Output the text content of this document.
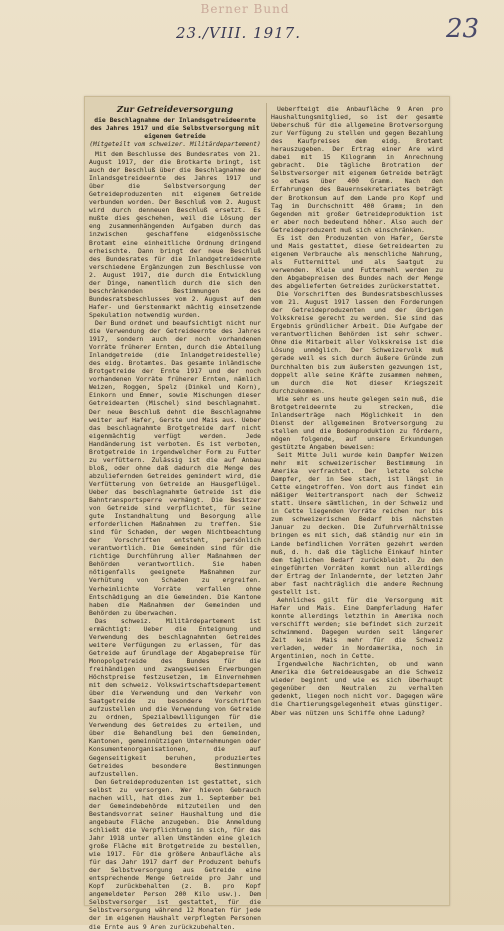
Berner Bund
23./VIII. 1917.	23
Zur Getreideversorgung
die Beschlagnahme der Inlandsgetreideernte des Jahres 1917 und die Selbstversorgung mit eigenem Getreide
(Mitgeteilt vom schweizer. Militärdepartement)

Mit dem Beschlusse des Bundesrates vom 21. August 1917, der die Brotkarte bringt, ist auch der Beschluß über die Beschlagnahme der Inlandsgetreideernte des Jahres 1917 und über die Selbstversorgung der Getreideproduzenten mit eigenem Getreide verbunden worden. Der Beschluß vom 2. August wird durch denneuen Beschluß ersetzt. Es mußte dies geschehen, weil die Lösung der eng zusammenhängenden Aufgaben durch das inzwischen geschaffene eidgenössische Brotamt eine einheitliche Ordnung dringend erheischte. Dann bringt der neue Beschluß des Bundesrates für die Inlandgetreideernte verschiedene Ergänzungen zum Beschlusse vom 2. August 1917, die durch die Entwicklung der Dinge, namentlich durch die sich den beschränkenden Bestimmungen des Bundesratsbeschlusses vom 2. August auf dem Hafer- und Gerstenmarkt mächtig einsetzende Spekulation notwendig wurden.

Der Bund ordnet und beaufsichtigt nicht nur die Verwendung der Getreideernte des Jahres 1917, sondern auch der noch vorhandenen Vorräte früherer Ernten, durch die Abteilung Inlandgetreide (die Inlandgetreidestelle) des eidg. Brotamtes. Das gesamte inländische Brotgetreide der Ernte 1917 und der noch vorhandenen Vorräte früherer Ernten, nämlich Weizen, Roggen, Spelz (Dinkel und Korn), Einkorn und Emmer, sowie Mischungen dieser Getreidearten (Mischel) sind beschlagnahmt. Der neue Beschluß dehnt die Beschlagnahme weiter auf Hafer, Gerste und Mais aus. Ueber das beschlagnahmte Brotgetreide darf nicht eigenmächtig verfügt werden. Jede Handänderung ist verboten. Es ist verboten, Brotgetreide in irgendwelcher Form zu Futter zu verfüttern. Zulässig ist die auf Anbau bloß, oder ohne daß dadurch die Menge des abzuliefernden Getreides gemindert wird, die Verfütterung von Getreide an Hausgeflügel. Ueber das beschlagnahmte Getreide ist die Bahntransportsperre verhängt. Die Besitzer von Getreide sind verpflichtet, für seine gute Instandhaltung und Besorgung alle erforderlichen Maßnahmen zu treffen. Sie sind für Schaden, der wegen Nichtbeachtung der Vorschriften entsteht, persönlich verantwortlich. Die Gemeinden sind für die richtige Durchführung aller Maßnahmen der Behörden verantwortlich. Sie haben nötigenfalls geeignete Maßnahmen zur Verhütung von Schaden zu ergreifen. Verheimlichte Vorräte verfallen ohne Entschädigung an die Gemeinden. Die Kantone haben die Maßnahmen der Gemeinden und Behörden zu überwachen.

Das schweiz. Militärdepartement ist ermächtigt: Ueber die Enteignung und Verwendung des beschlagnahmten Getreides weitere Verfügungen zu erlassen, für das Getreide auf Grundlage der Abgabepreise für Monopolgetreide des Bundes für die freihändigen und zwangsweisen Erwerbungen Höchstpreise festzusetzen, im Einvernehmen mit dem schweiz. Volkswirtschaftsdepartement über die Verwendung und den Verkehr von Saatgetreide zu besondere Vorschriften aufzustellen und die Verwendung von Getreide zu ordnen, Spezialbewilligungen für die Verwendung des Getreides zu erteilen, und über die Behandlung bei den Gemeinden, Kantonen, gemeinnützigen Unternehmungen oder Konsumentenorganisationen, die auf Gegenseitigkeit beruhen, produziertes Getreides besondere Bestimmungen aufzustellen.

Den Getreideproduzenten ist gestattet, sich selbst zu versorgen. Wer hievon Gebrauch machen will, hat dies zum 1. September bei der Gemeindebehörde mitzuteilen und den Bestandsvorrat seiner Haushaltung und die angebaute Fläche anzugeben. Die Anmeldung schließt die Verpflichtung in sich, für das Jahr 1918 unter allen Umständen eine gleich große Fläche mit Brotgetreide zu bestellen, wie 1917. Für die größere Anbaufläche als für das Jahr 1917 darf der Produzent behufs der Selbstversorgung aus Getreide eine entsprechende Menge Getreide pro Jahr und Kopf zurückbehalten (z. B. pro Kopf angemeldeter Person 200 Kilo usw.). Dem Selbstversorger ist gestattet, für die Selbstversorgung während 12 Monaten für jede der im eigenen Haushalt verpflegten Personen die Ernte aus 9 Aren zurückzubehalten.

Ueberfteigt die Anbaufläche 9 Aren pro Haushaltungsmitglied, so ist der gesamte Ueberschuß für die allgemeine Brotversorgung zur Verfügung zu stellen und gegen Bezahlung des Kaufpreises dem eidg. Brotamt herauszugeben. Der Ertrag einer Are wird dabei mit 15 Kilogramm in Anrechnung gebracht. Die tägliche Brotration der Selbstversorger mit eigenem Getreide beträgt so etwas über 400 Gramm. Nach den Erfahrungen des Bauernsekretariates beträgt der Brotkonsum auf dem Lande pro Kopf und Tag im Durchschnitt 400 Gramm; in den Gegenden mit großer Getreideproduktion ist er aber noch bedeutend höher. Also auch der Getreideproduzent muß sich einschränken.

Es ist den Produzenten von Hafer, Gerste und Mais gestattet, diese Getreidearten zu eigenem Verbrauche als menschliche Nahrung, als Futtermittel und als Saatgut zu verwenden. Kleie und Futtermehl werden zu den Abgabepreisen des Bundes nach der Menge des abgelieferten Getreides zurückerstattet.

Die Vorschriften des Bundesratsbeschlusses vom 21. August 1917 lassen den Forderungen der Getreideproduzenten und der übrigen Volkskreise gerecht zu werden. Sie sind das Ergebnis gründlicher Arbeit. Die Aufgabe der verantwortlichen Behörden ist sehr schwer. Ohne die Mitarbeit aller Volkskreise ist die Lösung unmöglich. Der Schweizervolk muß gerade weil es sich durch äußere Gründe zum Durchhalten bis zum äußersten gezwungen ist, doppelt alle seine Kräfte zusammen nehmen, um durch die Not dieser Kriegszeit durchzukommen.

Wie sehr es uns heute gelegen sein muß, die Brotgetreideernte zu strecken, die Inlandserträge nach Möglichkeit in den Dienst der allgemeinen Brotversorgung zu stellen und die Bodenproduktion zu fördern, mögen folgende, auf unsere Erkundungen gestützte Angaben beweisen:

Seit Mitte Juli wurde kein Dampfer Weizen mehr mit schweizerischer Bestimmung in Amerika verfrachtet. Der letzte solche Dampfer, der in See stach, ist längst in Cette eingetroffen. Von dort aus findet ein mäßiger Weitertransport nach der Schweiz statt. Unsere sämtlichen, in der Schweiz und in Cette liegenden Vorräte reichen nur bis zum schweizerischen Bedarf bis nächsten Januar zu decken. Die Zufuhrverhältnisse bringen es mit sich, daß ständig nur ein im Lande befindlichen Vorräten gezehrt werden muß, d. h. daß die tägliche Einkauf hinter dem täglichen Bedarf zurückbleibt. Zu den eingeführten Vorräten kommt nun allerdings der Ertrag der Inlandernte, der letzten Jahr aber fast nachträglich die andere Rechnung gestellt ist.

Aehnliches gilt für die Versorgung mit Hafer und Mais. Eine Dampferladung Hafer konnte allerdings letzthin in Amerika noch verschifft werden; sie befindet sich zurzeit schwimmend. Dagegen wurden seit längerer Zeit kein Mais mehr für die Schweiz verladen, weder in Nordamerika, noch in Argentinien, noch in Cette.

Irgendwelche Nachrichten, ob und wann Amerika die Getreideausgabe an die Schweiz wieder beginnt und wie es sich überhaupt gegenüber den Neutralen zu verhalten gedenkt, liegen noch nicht vor. Dagegen wäre die Chartierungsgelegenheit etwas günstiger. Aber was nützen uns Schiffe ohne Ladung?
